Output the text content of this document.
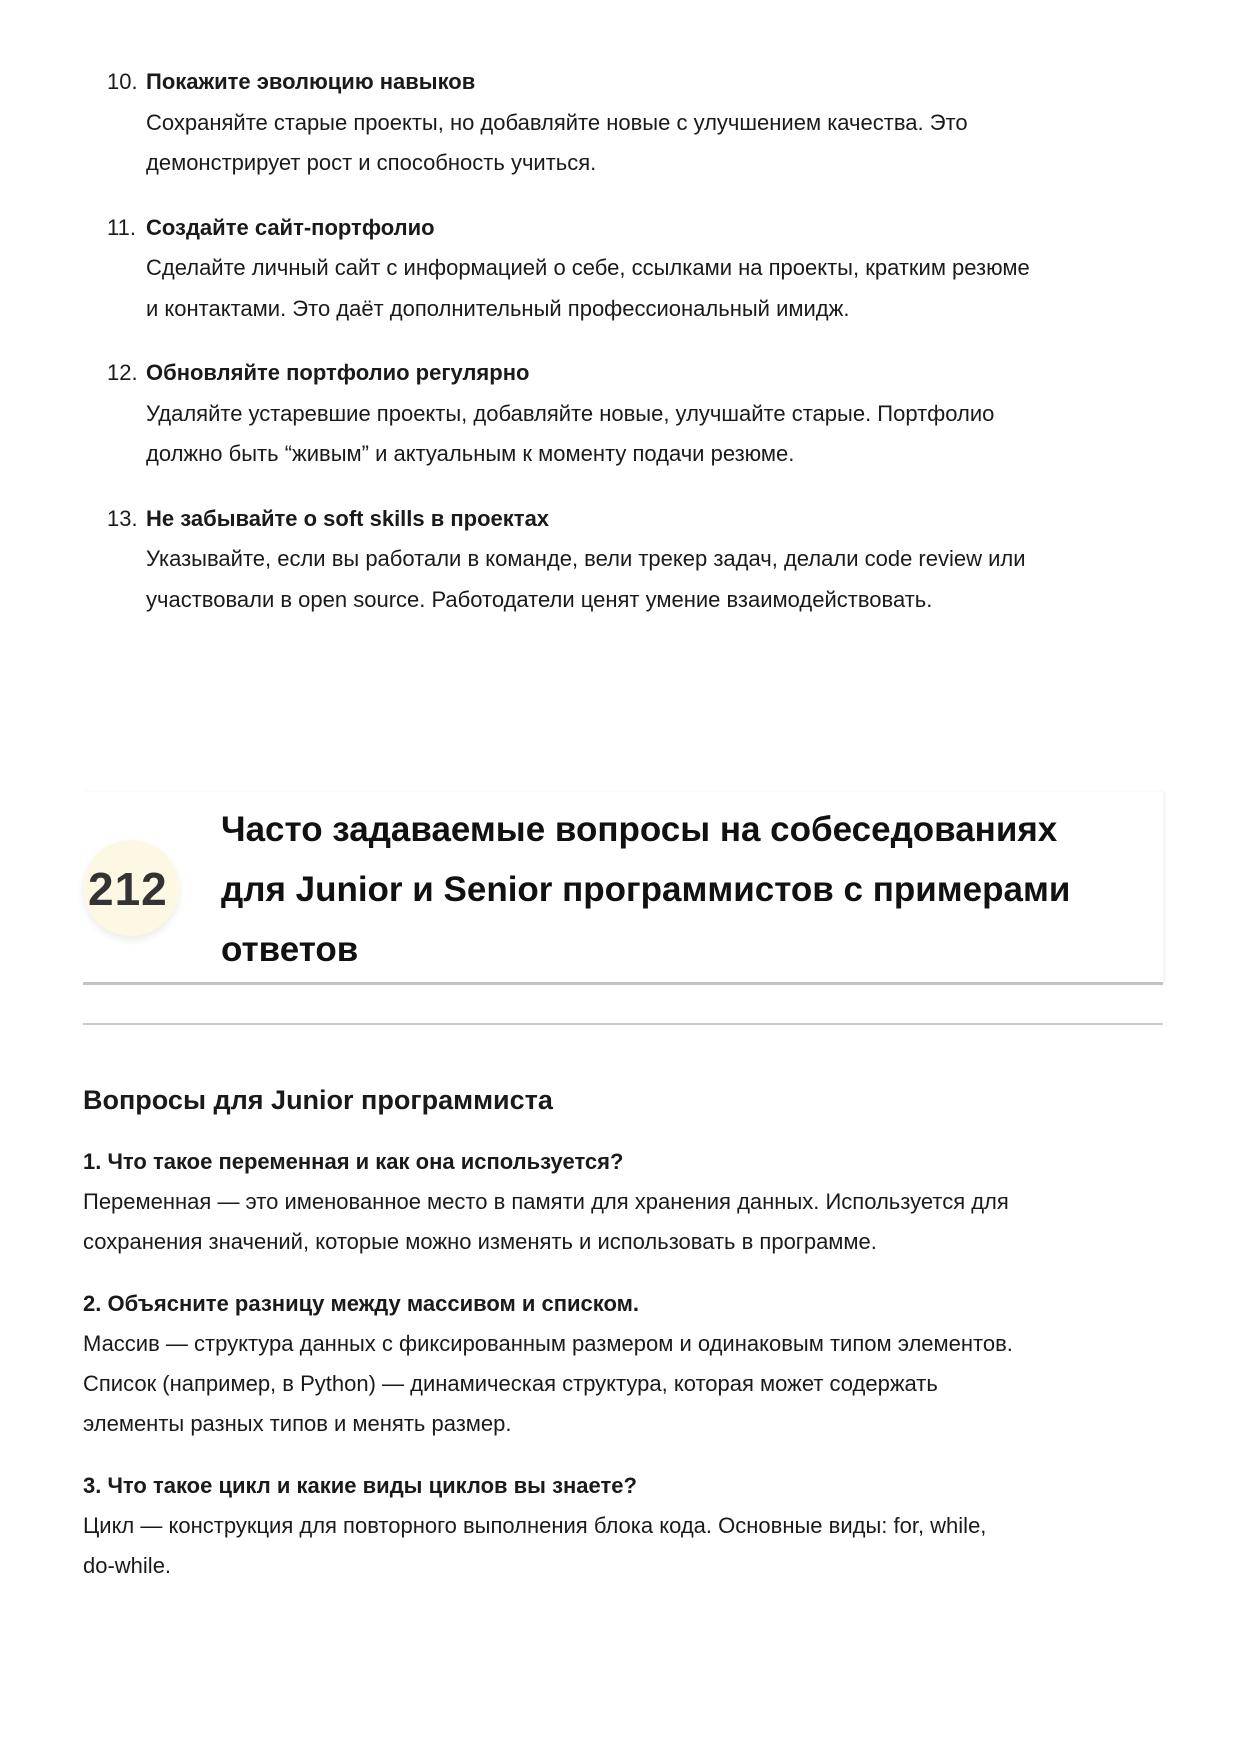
10. Покажите эволюцию навыков
Сохраняйте старые проекты, но добавляйте новые с улучшением качества. Это
демонстрирует рост и способность учиться.
11. Создайте сайт-портфолио
Сделайте личный сайт с информацией о себе, ссылками на проекты, кратким резюме
и контактами. Это даёт дополнительный профессиональный имидж.
12. Обновляйте портфолио регулярно
Удаляйте устаревшие проекты, добавляйте новые, улучшайте старые. Портфолио
должно быть “живым” и актуальным к моменту подачи резюме.
13. Не забывайте о soft skills в проектах
Указывайте, если вы работали в команде, вели трекер задач, делали code review или
участвовали в open source. Работодатели ценят умение взаимодействовать.
212
Часто задаваемые вопросы на собеседованиях
для Junior и Senior программистов с примерами
ответов
Вопросы для Junior программиста
1. Что такое переменная и как она используется?
Переменная — это именованное место в памяти для хранения данных. Используется для
сохранения значений, которые можно изменять и использовать в программе.
2. Объясните разницу между массивом и списком.
Массив — структура данных с фиксированным размером и одинаковым типом элементов.
Список (например, в Python) — динамическая структура, которая может содержать
элементы разных типов и менять размер.
3. Что такое цикл и какие виды циклов вы знаете?
Цикл — конструкция для повторного выполнения блока кода. Основные виды: for, while,
do-while.
